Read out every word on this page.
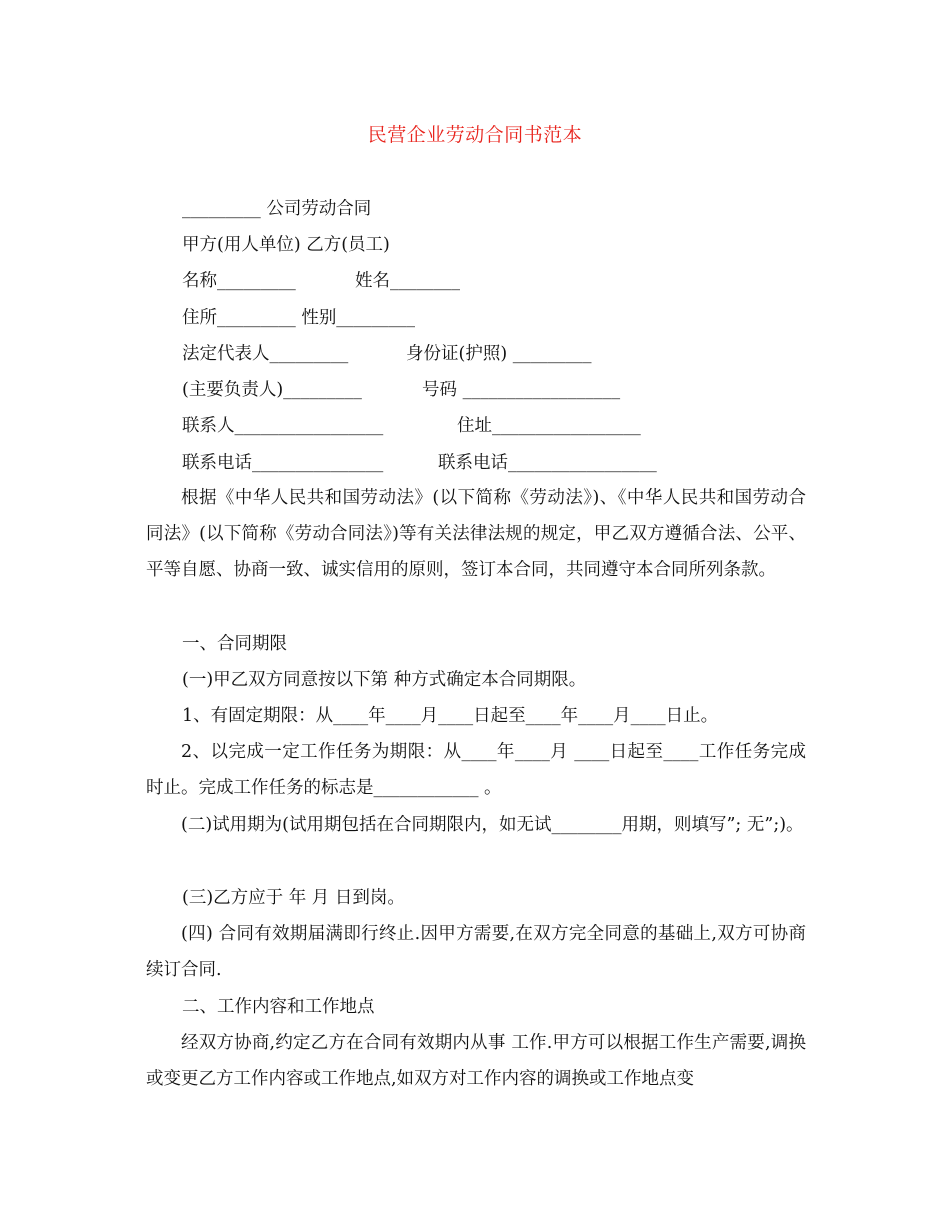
民营企业劳动合同书范本
_________ 公司劳动合同
甲方(用人单位) 乙方(员工)
名称_________	姓名________
住所_________ 性别_________
法定代表人_________	身份证(护照) _________
(主要负责人)_________	号码 __________________
联系人_________________	住址_________________
联系电话_______________	联系电话_________________
根据《中华人民共和国劳动法》(以下简称《劳动法》)、《中华人民共和国劳动合同法》(以下简称《劳动合同法》)等有关法律法规的规定，甲乙双方遵循合法、公平、平等自愿、协商一致、诚实信用的原则，签订本合同，共同遵守本合同所列条款。
一、合同期限
(一)甲乙双方同意按以下第 种方式确定本合同期限。
1、有固定期限：从____年____月____日起至____年____月____日止。
2、以完成一定工作任务为期限：从____年____月 ____日起至____工作任务完成时止。完成工作任务的标志是____________ 。
(二)试用期为(试用期包括在合同期限内，如无试________用期，则填写”; 无”;)。
(三)乙方应于 年 月 日到岗。
(四) 合同有效期届满即行终止.因甲方需要,在双方完全同意的基础上,双方可协商续订合同.
二、工作内容和工作地点
经双方协商,约定乙方在合同有效期内从事 工作.甲方可以根据工作生产需要,调换或变更乙方工作内容或工作地点,如双方对工作内容的调换或工作地点变
